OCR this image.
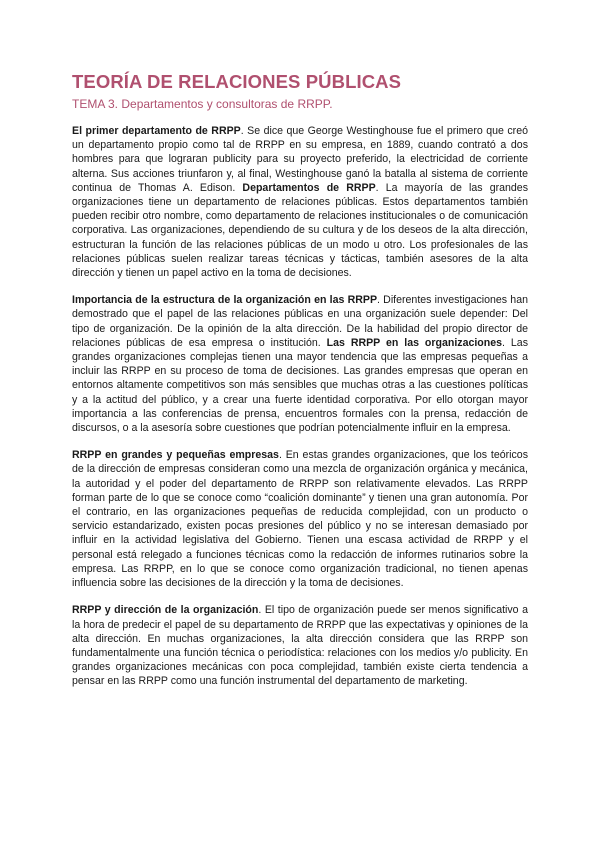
TEORÍA DE RELACIONES PÚBLICAS
TEMA 3. Departamentos y consultoras de RRPP.

El primer departamento de RRPP. Se dice que George Westinghouse fue el primero que creó un departamento propio como tal de RRPP en su empresa, en 1889, cuando contrató a dos hombres para que lograran publicity para su proyecto preferido, la electricidad de corriente alterna. Sus acciones triunfaron y, al final, Westinghouse ganó la batalla al sistema de corriente continua de Thomas A. Edison. Departamentos de RRPP. La mayoría de las grandes organizaciones tiene un departamento de relaciones públicas. Estos departamentos también pueden recibir otro nombre, como departamento de relaciones institucionales o de comunicación corporativa. Las organizaciones, dependiendo de su cultura y de los deseos de la alta dirección, estructuran la función de las relaciones públicas de un modo u otro. Los profesionales de las relaciones públicas suelen realizar tareas técnicas y tácticas, también asesores de la alta dirección y tienen un papel activo en la toma de decisiones.

Importancia de la estructura de la organización en las RRPP. Diferentes investigaciones han demostrado que el papel de las relaciones públicas en una organización suele depender: Del tipo de organización. De la opinión de la alta dirección. De la habilidad del propio director de relaciones públicas de esa empresa o institución. Las RRPP en las organizaciones. Las grandes organizaciones complejas tienen una mayor tendencia que las empresas pequeñas a incluir las RRPP en su proceso de toma de decisiones. Las grandes empresas que operan en entornos altamente competitivos son más sensibles que muchas otras a las cuestiones políticas y a la actitud del público, y a crear una fuerte identidad corporativa. Por ello otorgan mayor importancia a las conferencias de prensa, encuentros formales con la prensa, redacción de discursos, o a la asesoría sobre cuestiones que podrían potencialmente influir en la empresa.

RRPP en grandes y pequeñas empresas. En estas grandes organizaciones, que los teóricos de la dirección de empresas consideran como una mezcla de organización orgánica y mecánica, la autoridad y el poder del departamento de RRPP son relativamente elevados. Las RRPP forman parte de lo que se conoce como “coalición dominante” y tienen una gran autonomía. Por el contrario, en las organizaciones pequeñas de reducida complejidad, con un producto o servicio estandarizado, existen pocas presiones del público y no se interesan demasiado por influir en la actividad legislativa del Gobierno. Tienen una escasa actividad de RRPP y el personal está relegado a funciones técnicas como la redacción de informes rutinarios sobre la empresa. Las RRPP, en lo que se conoce como organización tradicional, no tienen apenas influencia sobre las decisiones de la dirección y la toma de decisiones.

RRPP y dirección de la organización. El tipo de organización puede ser menos significativo a la hora de predecir el papel de su departamento de RRPP que las expectativas y opiniones de la alta dirección. En muchas organizaciones, la alta dirección considera que las RRPP son fundamentalmente una función técnica o periodística: relaciones con los medios y/o publicity. En grandes organizaciones mecánicas con poca complejidad, también existe cierta tendencia a pensar en las RRPP como una función instrumental del departamento de marketing.
